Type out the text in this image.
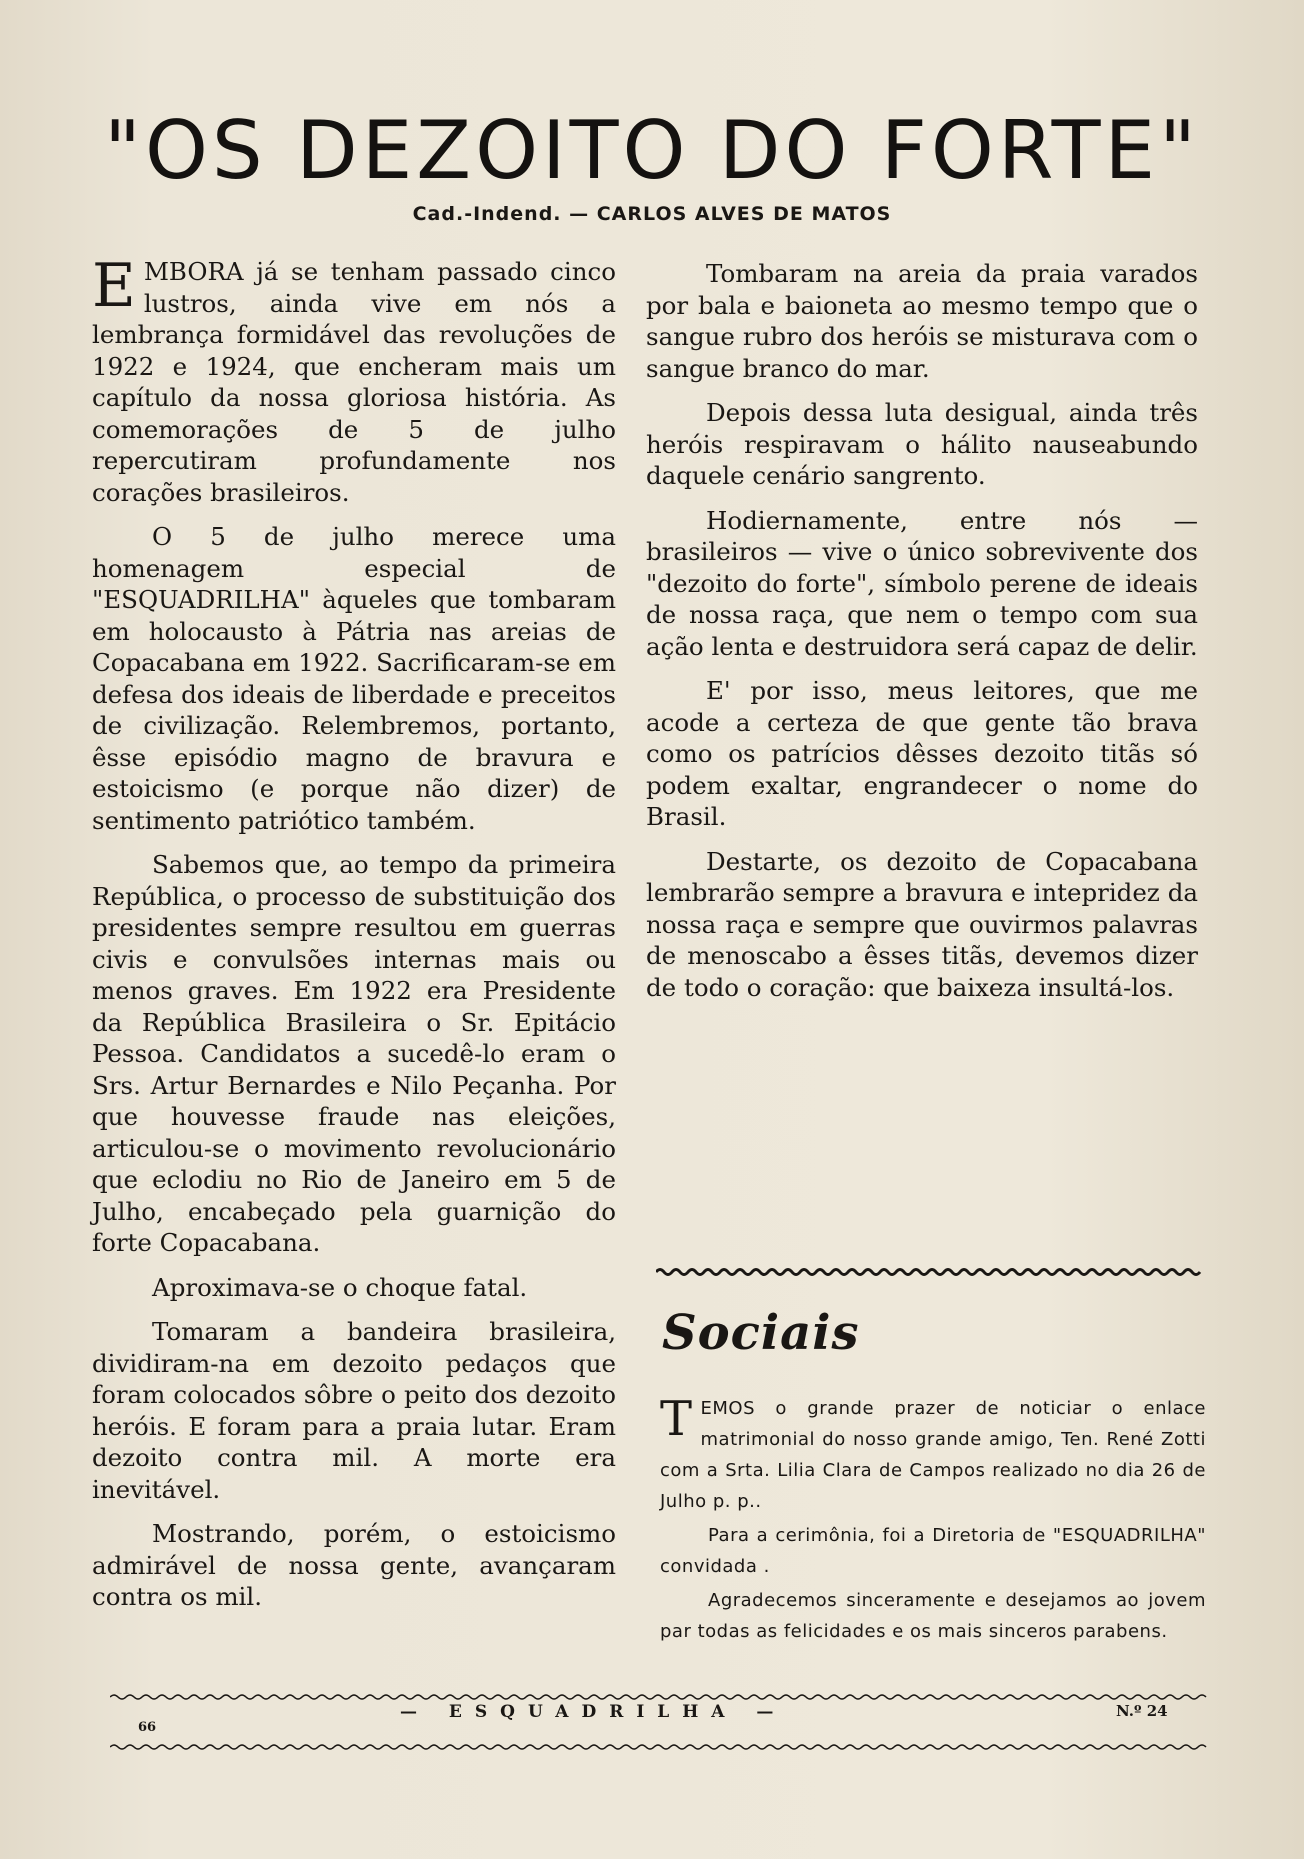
"OS DEZOITO DO FORTE"
Cad.-Indend. — CARLOS ALVES DE MATOS

EMBORA já se tenham passado cinco lustros, ainda vive em nós a lembrança formidável das revoluções de 1922 e 1924, que encheram mais um capítulo da nossa gloriosa história. As comemorações de 5 de julho repercutiram profundamente nos corações brasileiros.

O 5 de julho merece uma homenagem especial de "ESQUADRILHA" àqueles que tombaram em holocausto à Pátria nas areias de Copacabana em 1922. Sacrificaram-se em defesa dos ideais de liberdade e preceitos de civilização. Relembremos, portanto, êsse episódio magno de bravura e estoicismo (e porque não dizer) de sentimento patriótico também.

Sabemos que, ao tempo da primeira República, o processo de substituição dos presidentes sempre resultou em guerras civis e convulsões internas mais ou menos graves. Em 1922 era Presidente da República Brasileira o Sr. Epitácio Pessoa. Candidatos a sucedê-lo eram o Srs. Artur Bernardes e Nilo Peçanha. Por que houvesse fraude nas eleições, articulou-se o movimento revolucionário que eclodiu no Rio de Janeiro em 5 de Julho, encabeçado pela guarnição do forte Copacabana.

Aproximava-se o choque fatal.

Tomaram a bandeira brasileira, dividiram-na em dezoito pedaços que foram colocados sôbre o peito dos dezoito heróis. E foram para a praia lutar. Eram dezoito contra mil. A morte era inevitável.

Mostrando, porém, o estoicismo admirável de nossa gente, avançaram contra os mil.

Tombaram na areia da praia varados por bala e baioneta ao mesmo tempo que o sangue rubro dos heróis se misturava com o sangue branco do mar.

Depois dessa luta desigual, ainda três heróis respiravam o hálito nauseabundo daquele cenário sangrento.

Hodiernamente, entre nós — brasileiros — vive o único sobrevivente dos "dezoito do forte", símbolo perene de ideais de nossa raça, que nem o tempo com sua ação lenta e destruidora será capaz de delir.

E' por isso, meus leitores, que me acode a certeza de que gente tão brava como os patrícios dêsses dezoito titãs só podem exaltar, engrandecer o nome do Brasil.

Destarte, os dezoito de Copacabana lembrarão sempre a bravura e intepridez da nossa raça e sempre que ouvirmos palavras de menoscabo a êsses titãs, devemos dizer de todo o coração: que baixeza insultá-los.

Sociais

TEMOS o grande prazer de noticiar o enlace matrimonial do nosso grande amigo, Ten. René Zotti com a Srta. Lilia Clara de Campos realizado no dia 26 de Julho p. p..

Para a cerimônia, foi a Diretoria de "ESQUADRILHA" convidada .

Agradecemos sinceramente e desejamos ao jovem par todas as felicidades e os mais sinceros parabens.

66
— ESQUADRILHA —	N.º 24
